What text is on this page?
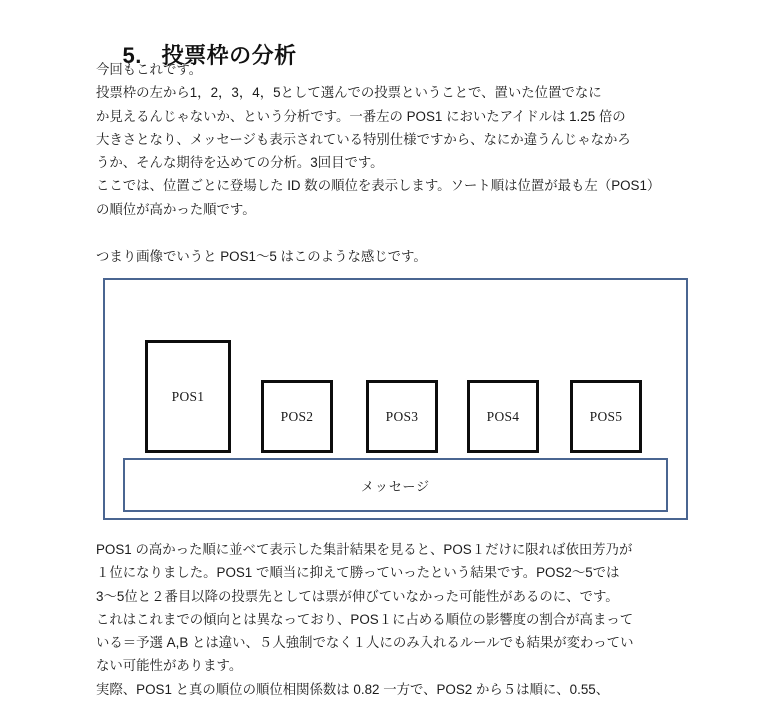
5. 投票枠の分析

今回もこれです。

投票枠の左から1，2，3，4，5として選んでの投票ということで、置いた位置でなに

か見えるんじゃないか、という分析です。一番左の POS1 においたアイドルは 1.25 倍の

大きさとなり、メッセージも表示されている特別仕様ですから、なにか違うんじゃなかろ

うか、そんな期待を込めての分析。3回目です。

ここでは、位置ごとに登場した ID 数の順位を表示します。ソート順は位置が最も左（POS1）

の順位が高かった順です。

つまり画像でいうと POS1〜5 はこのような感じです。

POS1
POS2	POS3	POS4	POS5
メッセージ

POS1 の高かった順に並べて表示した集計結果を見ると、POS１だけに限れば依田芳乃が

１位になりました。POS1 で順当に抑えて勝っていったという結果です。POS2〜5では

3〜5位と２番目以降の投票先としては票が伸びていなかった可能性があるのに、です。

これはこれまでの傾向とは異なっており、POS１に占める順位の影響度の割合が高まって

いる＝予選 A,B とは違い、５人強制でなく１人にのみ入れるルールでも結果が変わってい

ない可能性があります。

実際、POS1 と真の順位の順位相関係数は 0.82 一方で、POS2 から５は順に、0.55、
